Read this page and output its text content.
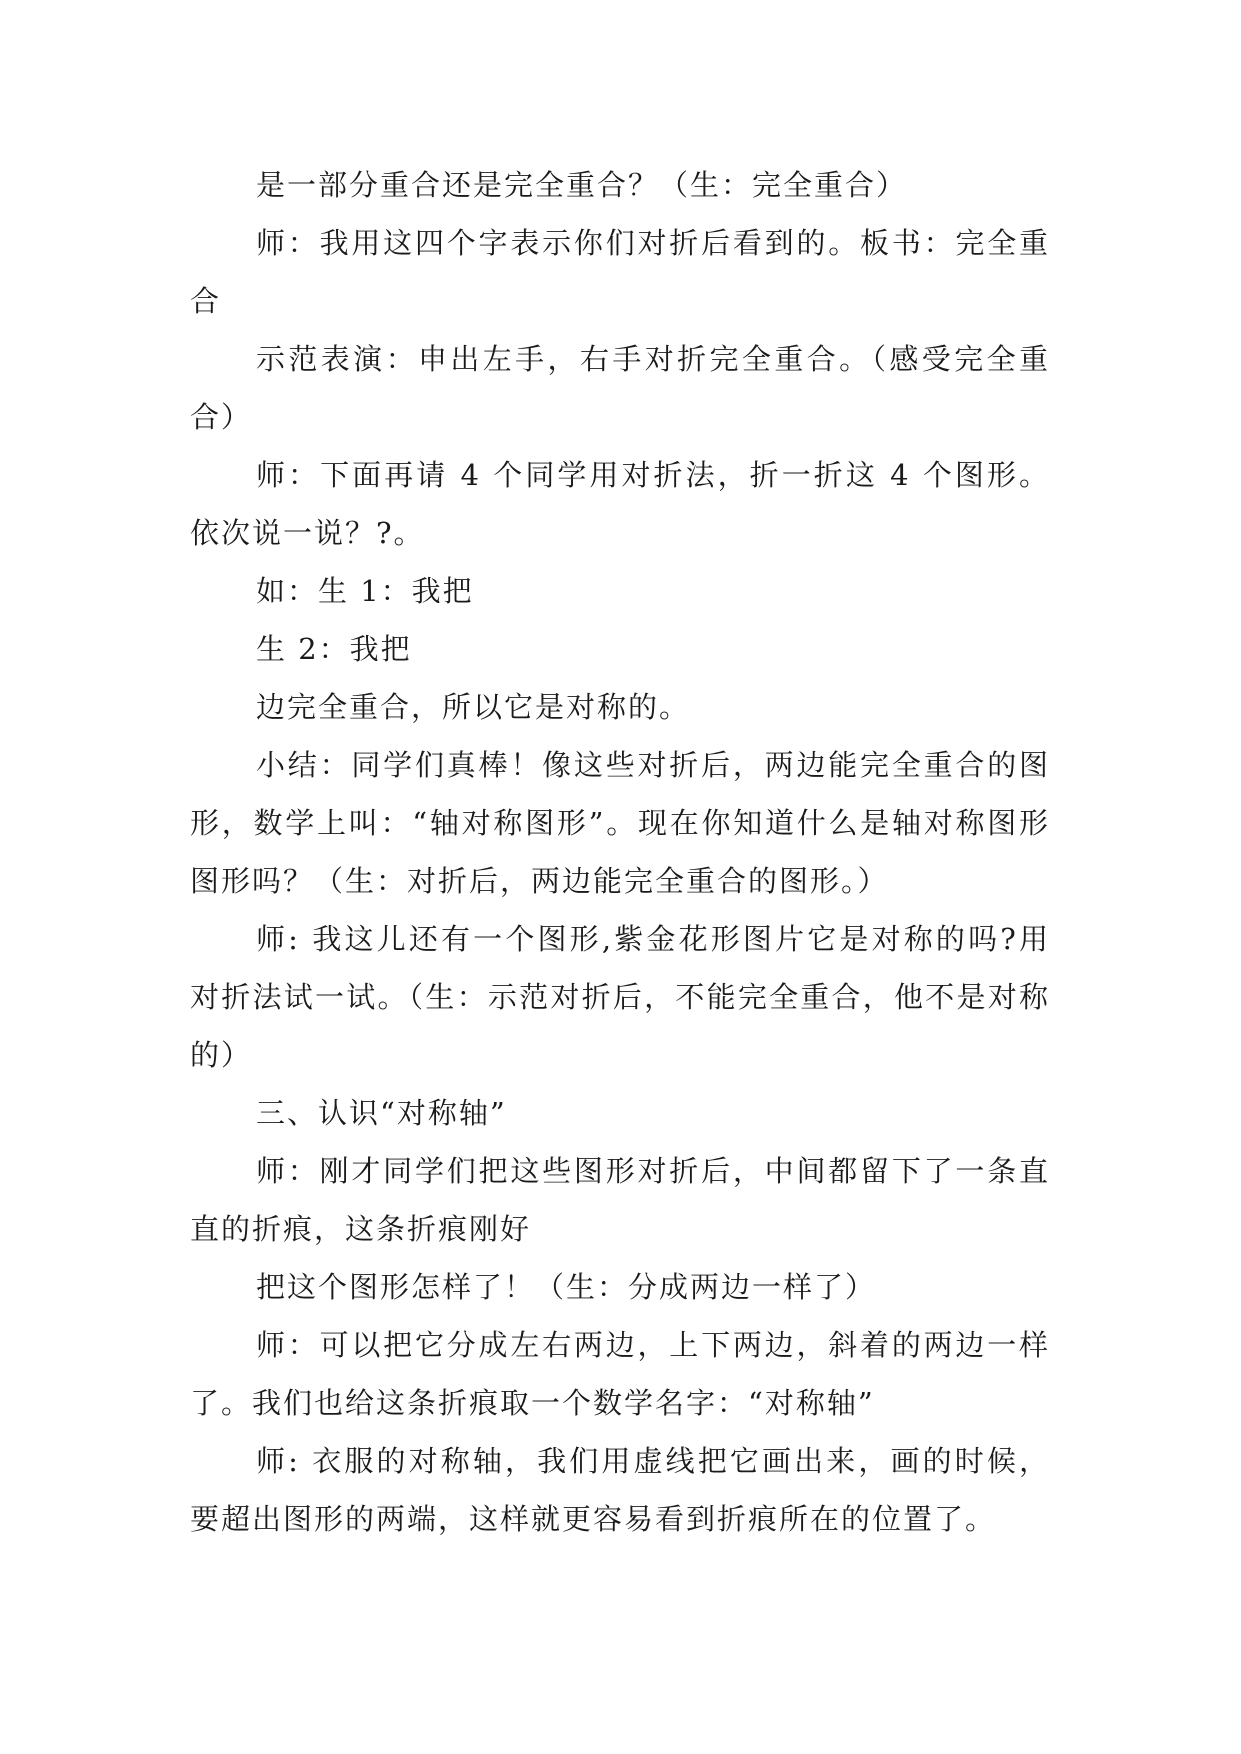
是一部分重合还是完全重合？（生：完全重合）

师：我用这四个字表示你们对折后看到的。板书：完全重合

示范表演：申出左手，右手对折完全重合。（感受完全重合）

师：下面再请 4 个同学用对折法，折一折这 4 个图形。依次说一说？?。

如：生 1：我把

生 2：我把

边完全重合，所以它是对称的。

小结：同学们真棒！像这些对折后，两边能完全重合的图形，数学上叫：“轴对称图形”。现在你知道什么是轴对称图形图形吗？（生：对折后，两边能完全重合的图形。）

师: 我这儿还有一个图形,紫金花形图片它是对称的吗?用对折法试一试。（生：示范对折后，不能完全重合，他不是对称的）

三、认识“对称轴”

师：刚才同学们把这些图形对折后，中间都留下了一条直直的折痕，这条折痕刚好

把这个图形怎样了！（生：分成两边一样了）

师：可以把它分成左右两边，上下两边，斜着的两边一样了。我们也给这条折痕取一个数学名字：“对称轴”

师: 衣服的对称轴，我们用虚线把它画出来，画的时候，要超出图形的两端，这样就更容易看到折痕所在的位置了。
